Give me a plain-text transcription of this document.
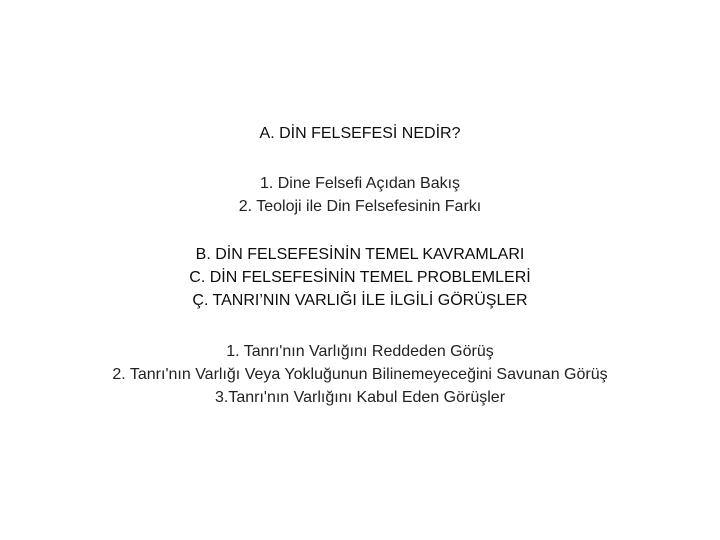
A. DİN FELSEFESİ NEDİR?
1. Dine Felsefi Açıdan Bakış
2. Teoloji ile Din Felsefesinin Farkı
B. DİN FELSEFESİNİN TEMEL KAVRAMLARI
C. DİN FELSEFESİNİN TEMEL PROBLEMLERİ
Ç. TANRI’NIN VARLIĞI İLE İLGİLİ GÖRÜŞLER
1. Tanrı'nın Varlığını Reddeden Görüş
2. Tanrı'nın Varlığı Veya Yokluğunun Bilinemeyeceğini Savunan Görüş
3.Tanrı'nın Varlığını Kabul Eden Görüşler
